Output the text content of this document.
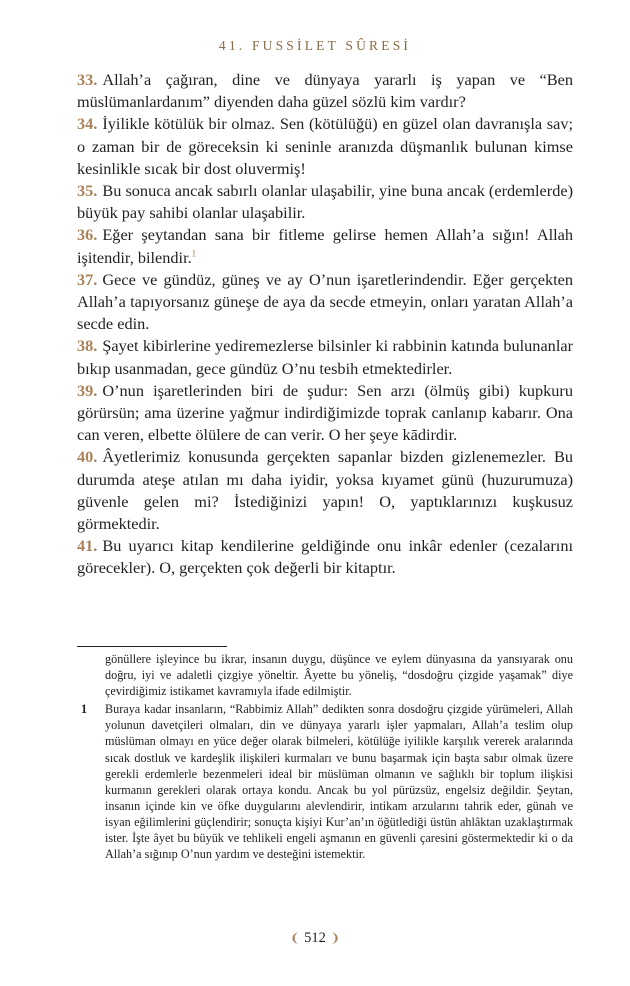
41. FUSSİLET SÛRESİ

33. Allah’a çağıran, dine ve dünyaya yararlı iş yapan ve “Ben müslümanlardanım” diyenden daha güzel sözlü kim vardır?

34. İyilikle kötülük bir olmaz. Sen (kötülüğü) en güzel olan davranışla sav; o zaman bir de göreceksin ki seninle aranızda düşmanlık bulunan kimse kesinlikle sıcak bir dost oluvermiş!

35. Bu sonuca ancak sabırlı olanlar ulaşabilir, yine buna ancak (erdemlerde) büyük pay sahibi olanlar ulaşabilir.

36. Eğer şeytandan sana bir fitleme gelirse hemen Allah’a sığın! Allah işitendir, bilendir.$^1$

37. Gece ve gündüz, güneş ve ay O’nun işaretlerindendir. Eğer gerçekten Allah’a tapıyorsanız güneşe de aya da secde etmeyin, onları yaratan Allah’a secde edin.

38. Şayet kibirlerine yediremezlerse bilsinler ki rabbinin katında bulunanlar bıkıp usanmadan, gece gündüz O’nu tesbih etmektedirler.

39. O’nun işaretlerinden biri de şudur: Sen arzı (ölmüş gibi) kupkuru görürsün; ama üzerine yağmur indirdiğimizde toprak canlanıp kabarır. Ona can veren, elbette ölülere de can verir. O her şeye kādirdir.

40. Âyetlerimiz konusunda gerçekten sapanlar bizden gizlenemezler. Bu durumda ateşe atılan mı daha iyidir, yoksa kıyamet günü (huzurumuza) güvenle gelen mi? İstediğinizi yapın! O, yaptıklarınızı kuşkusuz görmektedir.

41. Bu uyarıcı kitap kendilerine geldiğinde onu inkâr edenler (cezalarını görecekler). O, gerçekten çok değerli bir kitaptır.

gönüllere işleyince bu ikrar, insanın duygu, düşünce ve eylem dünyasına da yansıyarak onu doğru, iyi ve adaletli çizgiye yöneltir. Âyette bu yöneliş, “dosdoğru çizgide yaşamak” diye çevirdiğimiz istikamet kavramıyla ifade edilmiştir.
1	Buraya kadar insanların, “Rabbimiz Allah” dedikten sonra dosdoğru çizgide yürümeleri, Allah yolunun davetçileri olmaları, din ve dünyaya yararlı işler yapmaları, Allah’a teslim olup müslüman olmayı en yüce değer olarak bilmeleri, kötülüğe iyilikle karşılık vererek aralarında sıcak dostluk ve kardeşlik ilişkileri kurmaları ve bunu başarmak için başta sabır olmak üzere gerekli erdemlerle bezenmeleri ideal bir müslüman olmanın ve sağlıklı bir toplum ilişkisi kurmanın gerekleri olarak ortaya kondu. Ancak bu yol pürüzsüz, engelsiz değildir. Şeytan, insanın içinde kin ve öfke duygularını alevlendirir, intikam arzularını tahrik eder, günah ve isyan eğilimlerini güçlendirir; sonuçta kişiyi Kur’an’ın öğütlediği üstün ahlâktan uzaklaştırmak ister. İşte âyet bu büyük ve tehlikeli engeli aşmanın en güvenli çaresini göstermektedir ki o da Allah’a sığınıp O’nun yardım ve desteğini istemektir.
❨ 512 ❩
